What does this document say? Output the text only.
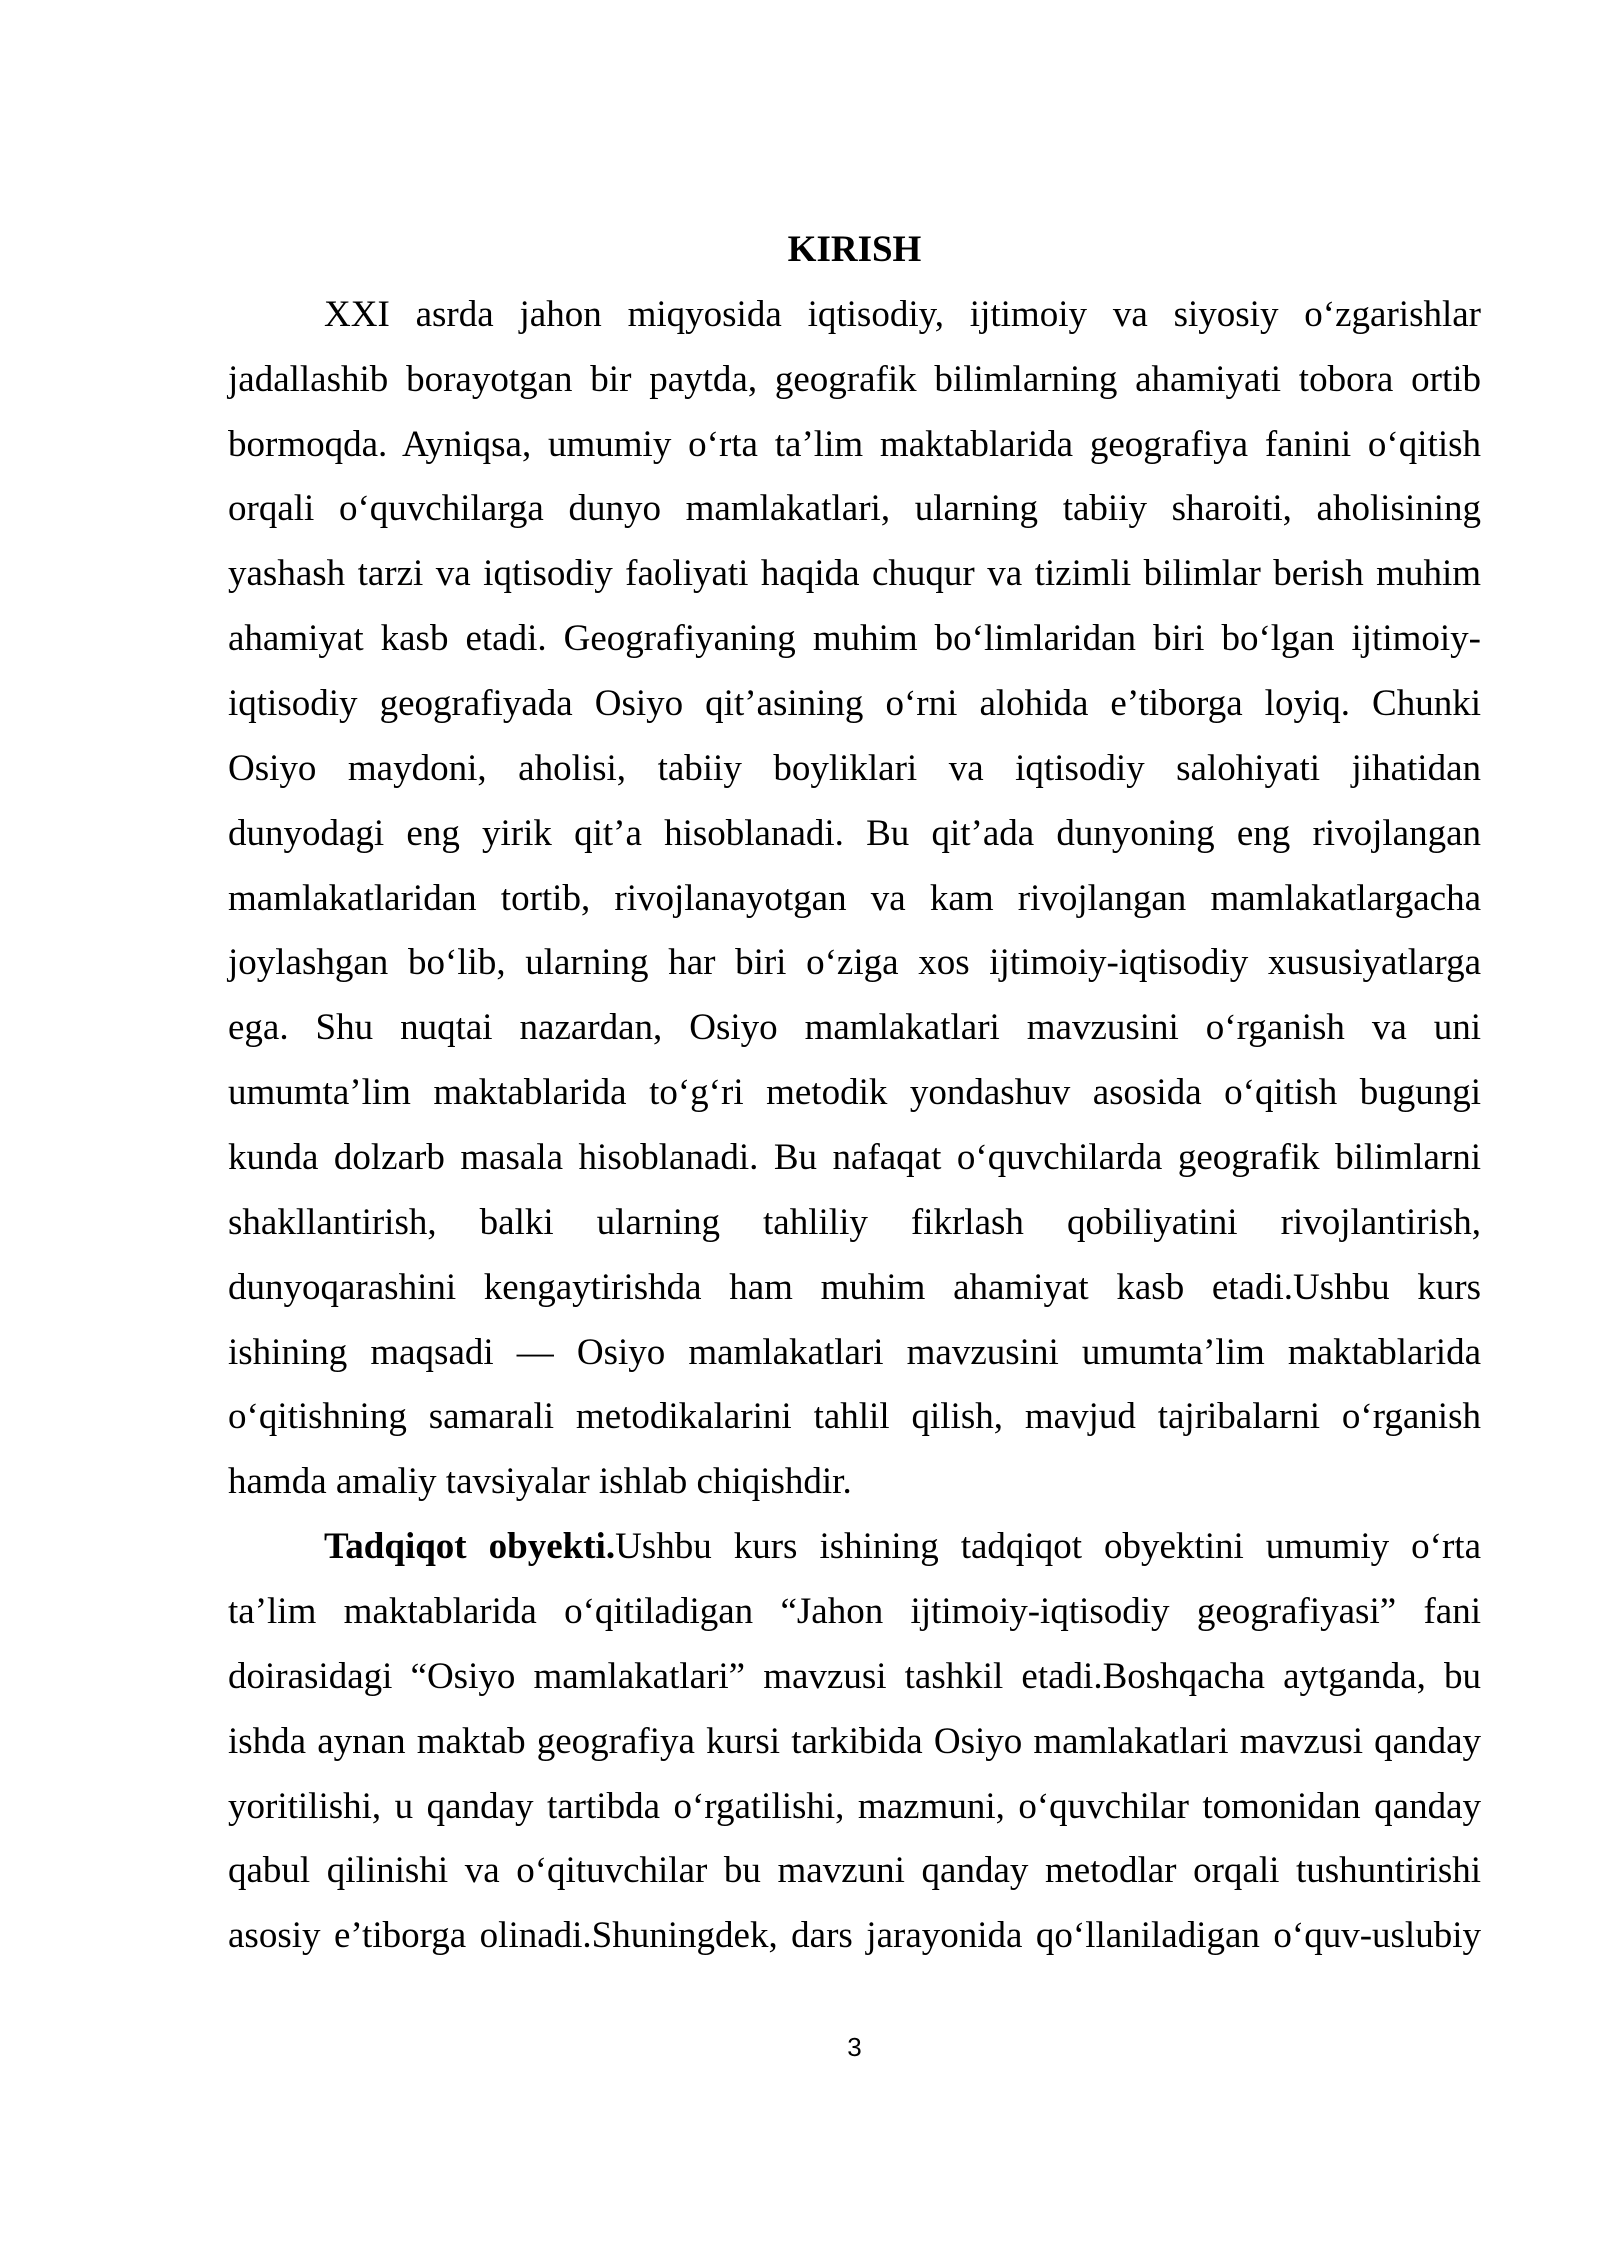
KIRISH
XXI asrda jahon miqyosida iqtisodiy, ijtimoiy va siyosiy o‘zgarishlar
jadallashib borayotgan bir paytda, geografik bilimlarning ahamiyati tobora ortib
bormoqda. Ayniqsa, umumiy o‘rta ta’lim maktablarida geografiya fanini o‘qitish
orqali o‘quvchilarga dunyo mamlakatlari, ularning tabiiy sharoiti, aholisining
yashash tarzi va iqtisodiy faoliyati haqida chuqur va tizimli bilimlar berish muhim
ahamiyat kasb etadi. Geografiyaning muhim bo‘limlaridan biri bo‘lgan ijtimoiy-
iqtisodiy geografiyada Osiyo qit’asining o‘rni alohida e’tiborga loyiq. Chunki
Osiyo maydoni, aholisi, tabiiy boyliklari va iqtisodiy salohiyati jihatidan
dunyodagi eng yirik qit’a hisoblanadi. Bu qit’ada dunyoning eng rivojlangan
mamlakatlaridan tortib, rivojlanayotgan va kam rivojlangan mamlakatlargacha
joylashgan bo‘lib, ularning har biri o‘ziga xos ijtimoiy-iqtisodiy xususiyatlarga
ega. Shu nuqtai nazardan, Osiyo mamlakatlari mavzusini o‘rganish va uni
umumta’lim maktablarida to‘g‘ri metodik yondashuv asosida o‘qitish bugungi
kunda dolzarb masala hisoblanadi. Bu nafaqat o‘quvchilarda geografik bilimlarni
shakllantirish, balki ularning tahliliy fikrlash qobiliyatini rivojlantirish,
dunyoqarashini kengaytirishda ham muhim ahamiyat kasb etadi.Ushbu kurs
ishining maqsadi — Osiyo mamlakatlari mavzusini umumta’lim maktablarida
o‘qitishning samarali metodikalarini tahlil qilish, mavjud tajribalarni o‘rganish
hamda amaliy tavsiyalar ishlab chiqishdir.
Tadqiqot obyekti.Ushbu kurs ishining tadqiqot obyektini umumiy o‘rta
ta’lim maktablarida o‘qitiladigan “Jahon ijtimoiy-iqtisodiy geografiyasi” fani
doirasidagi “Osiyo mamlakatlari” mavzusi tashkil etadi.Boshqacha aytganda, bu
ishda aynan maktab geografiya kursi tarkibida Osiyo mamlakatlari mavzusi qanday
yoritilishi, u qanday tartibda o‘rgatilishi, mazmuni, o‘quvchilar tomonidan qanday
qabul qilinishi va o‘qituvchilar bu mavzuni qanday metodlar orqali tushuntirishi
asosiy e’tiborga olinadi.Shuningdek, dars jarayonida qo‘llaniladigan o‘quv-uslubiy
3
